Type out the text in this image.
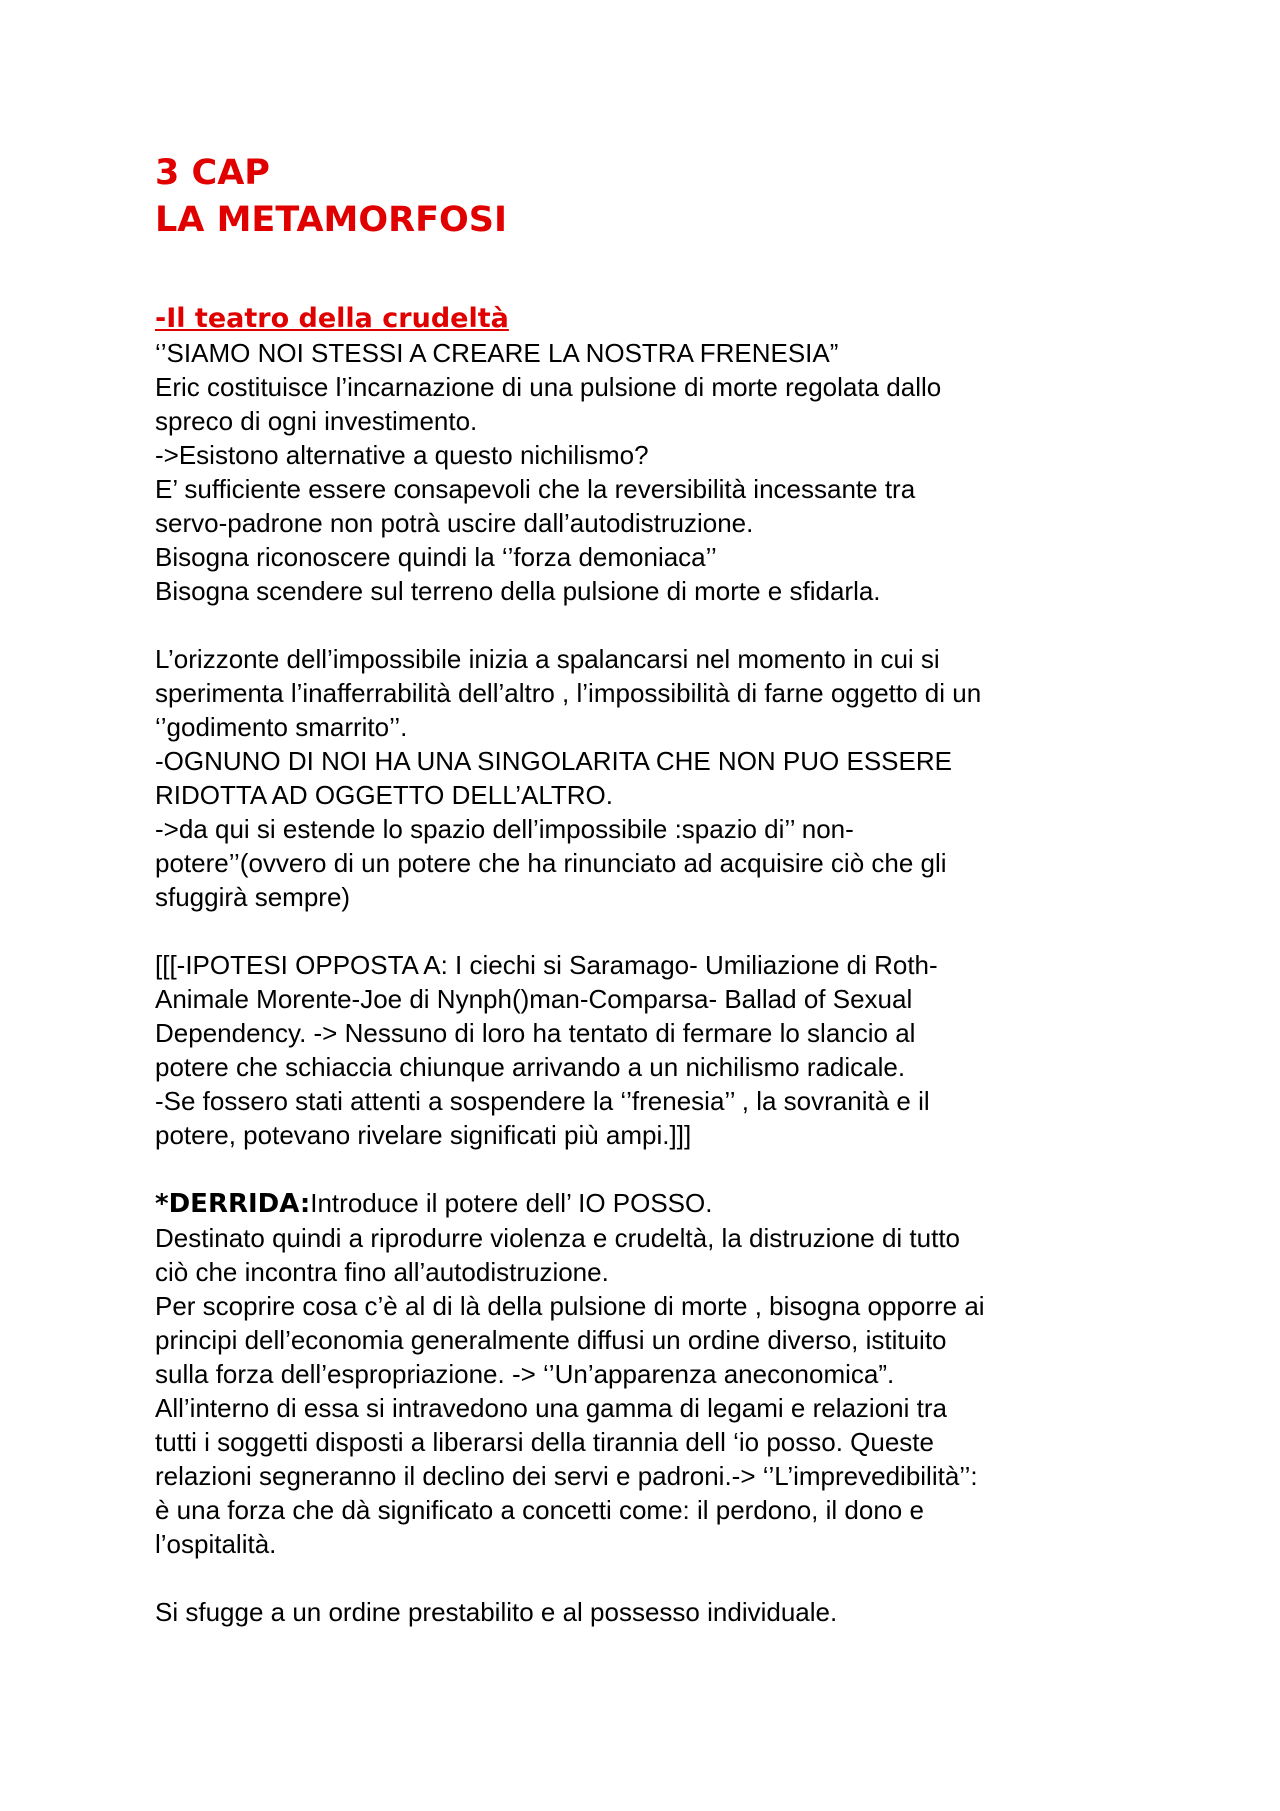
3 CAP
LA METAMORFOSI
-Il teatro della crudeltà
‘’SIAMO NOI STESSI A CREARE LA NOSTRA FRENESIA”
Eric costituisce l’incarnazione di una pulsione di morte regolata dallo
spreco di ogni investimento.
->Esistono alternative a questo nichilismo?
E’ sufficiente essere consapevoli che la reversibilità incessante tra
servo-padrone non potrà uscire dall’autodistruzione.
Bisogna riconoscere quindi la ‘’forza demoniaca’’
Bisogna scendere sul terreno della pulsione di morte e sfidarla.
L’orizzonte dell’impossibile inizia a spalancarsi nel momento in cui si
sperimenta l’inafferrabilità dell’altro , l’impossibilità di farne oggetto di un
‘’godimento smarrito’’.
-OGNUNO DI NOI HA UNA SINGOLARITA CHE NON PUO ESSERE
RIDOTTA AD OGGETTO DELL’ALTRO.
->da qui si estende lo spazio dell’impossibile :spazio di’’ non-
potere’’(ovvero di un potere che ha rinunciato ad acquisire ciò che gli
sfuggirà sempre)
[[[-IPOTESI OPPOSTA A: I ciechi si Saramago- Umiliazione di Roth-
Animale Morente-Joe di Nynph()man-Comparsa- Ballad of Sexual
Dependency. -> Nessuno di loro ha tentato di fermare lo slancio al
potere che schiaccia chiunque arrivando a un nichilismo radicale.
-Se fossero stati attenti a sospendere la ‘’frenesia’’ , la sovranità e il
potere, potevano rivelare significati più ampi.]]]
*DERRIDA:Introduce il potere dell’ IO POSSO.
Destinato quindi a riprodurre violenza e crudeltà, la distruzione di tutto
ciò che incontra fino all’autodistruzione.
Per scoprire cosa c’è al di là della pulsione di morte , bisogna opporre ai
principi dell’economia generalmente diffusi un ordine diverso, istituito
sulla forza dell’espropriazione. -> ‘’Un’apparenza aneconomica”.
All’interno di essa si intravedono una gamma di legami e relazioni tra
tutti i soggetti disposti a liberarsi della tirannia dell ‘io posso. Queste
relazioni segneranno il declino dei servi e padroni.-> ‘’L’imprevedibilità’’:
è una forza che dà significato a concetti come: il perdono, il dono e
l’ospitalità.
Si sfugge a un ordine prestabilito e al possesso individuale.
